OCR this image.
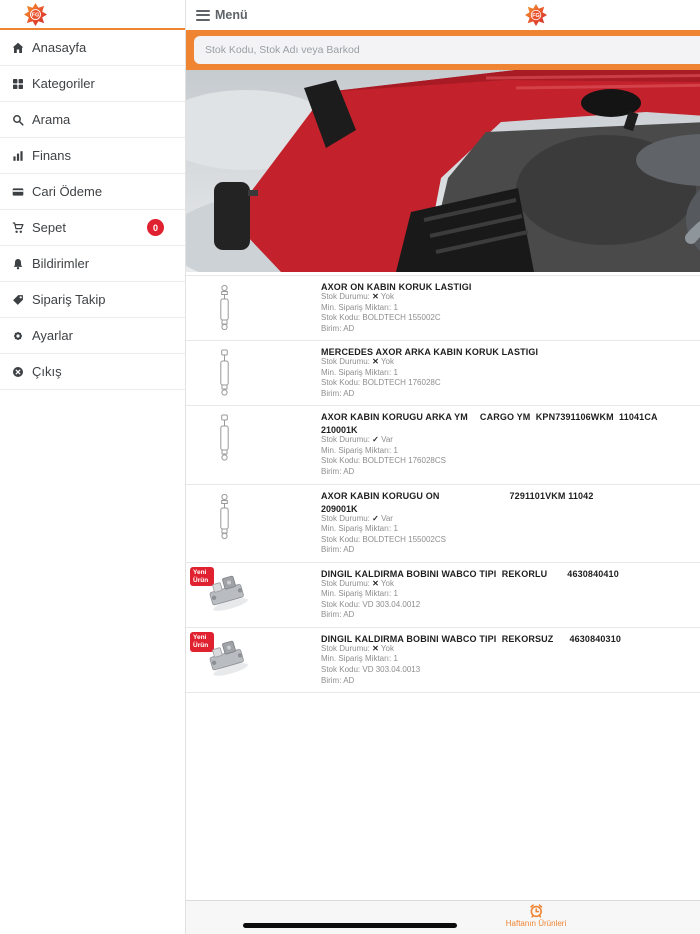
FG
Anasayfa
Kategoriler
Arama
Finans
Cari Ödeme
Sepet	0
Bildirimler
Sipariş Takip
Ayarlar
Çıkış
Menü	FG
Stok Kodu, Stok Adı veya Barkod
AXOR ON KABIN KORUK LASTIGI
Stok Durumu: ✕ Yok
Min. Sipariş Miktarı: 1
Stok Kodu: BOLDTECH 155002C
Birim: AD
MERCEDES AXOR ARKA KABIN KORUK LASTIGI
Stok Durumu: ✕ Yok
Min. Sipariş Miktarı: 1
Stok Kodu: BOLDTECH 176028C
Birim: AD
AXOR KABIN KORUGU ARKA YM CARGO YM  KPN7391106WKM  11041CA
210001K
Stok Durumu: ✓ Var
Min. Sipariş Miktarı: 1
Stok Kodu: BOLDTECH 176028CS
Birim: AD
AXOR KABIN KORUGU ON	7291101VKM 11042
209001K
Stok Durumu: ✓ Var
Min. Sipariş Miktarı: 1
Stok Kodu: BOLDTECH 155002CS
Birim: AD
Yeni Ürün
DINGIL KALDIRMA BOBINI WABCO TIPI  REKORLU 4630840410
Stok Durumu: ✕ Yok
Min. Sipariş Miktarı: 1
Stok Kodu: VD 303.04.0012
Birim: AD
Yeni Ürün
DINGIL KALDIRMA BOBINI WABCO TIPI  REKORSUZ 4630840310
Stok Durumu: ✕ Yok
Min. Sipariş Miktarı: 1
Stok Kodu: VD 303.04.0013
Birim: AD
Haftanın Ürünleri
